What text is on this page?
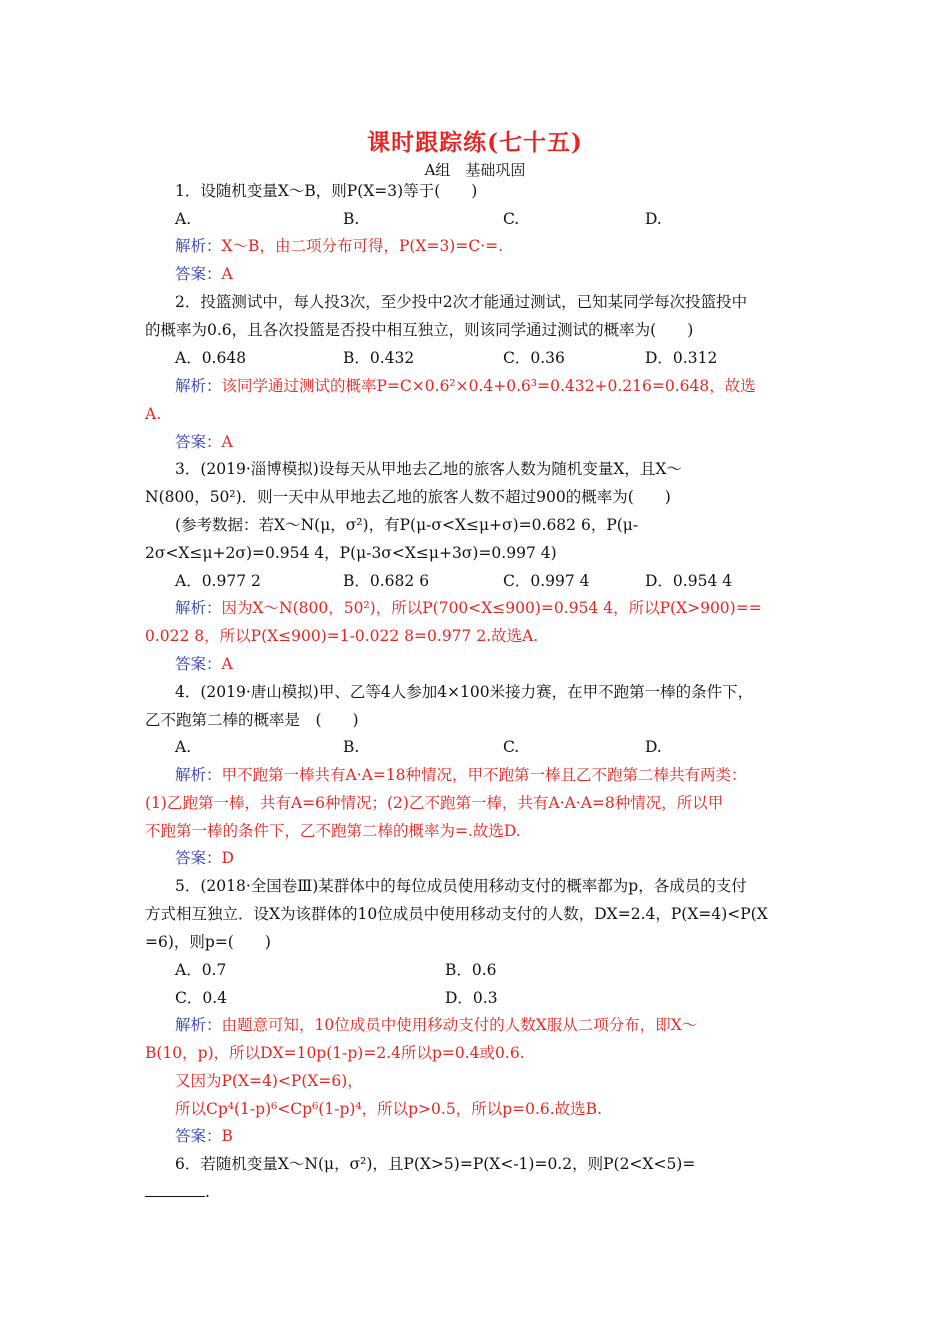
课时跟踪练(七十五)
A组　基础巩固
1．设随机变量X～B，则P(X=3)等于(　　)
A.	B.	C.	D.
解析：X～B，由二项分布可得，P(X=3)=C·=.
答案：A
2．投篮测试中，每人投3次，至少投中2次才能通过测试，已知某同学每次投篮投中
的概率为0.6，且各次投篮是否投中相互独立，则该同学通过测试的概率为(　　)
A．0.648	B．0.432	C．0.36	D．0.312
解析：该同学通过测试的概率P=C×0.6²×0.4+0.6³=0.432+0.216=0.648，故选
A.
答案：A
3．(2019·淄博模拟)设每天从甲地去乙地的旅客人数为随机变量X，且X～
N(800，50²)．则一天中从甲地去乙地的旅客人数不超过900的概率为(　　)
(参考数据：若X～N(μ，σ²)，有P(μ-σ<X≤μ+σ)=0.682 6，P(μ-
2σ<X≤μ+2σ)=0.954 4，P(μ-3σ<X≤μ+3σ)=0.997 4)
A．0.977 2	B．0.682 6	C．0.997 4	D．0.954 4
解析：因为X～N(800，50²)，所以P(700<X≤900)=0.954 4，所以P(X>900)==
0.022 8，所以P(X≤900)=1-0.022 8=0.977 2.故选A.
答案：A
4．(2019·唐山模拟)甲、乙等4人参加4×100米接力赛，在甲不跑第一棒的条件下，
乙不跑第二棒的概率是　(　　)
A.	B.	C.	D.
解析：甲不跑第一棒共有A·A=18种情况，甲不跑第一棒且乙不跑第二棒共有两类：
(1)乙跑第一棒，共有A=6种情况；(2)乙不跑第一棒，共有A·A·A=8种情况，所以甲
不跑第一棒的条件下，乙不跑第二棒的概率为=.故选D.
答案：D
5．(2018·全国卷Ⅲ)某群体中的每位成员使用移动支付的概率都为p，各成员的支付
方式相互独立．设X为该群体的10位成员中使用移动支付的人数，DX=2.4，P(X=4)<P(X
=6)，则p=(　　)
A．0.7	B．0.6
C．0.4	D．0.3
解析：由题意可知，10位成员中使用移动支付的人数X服从二项分布，即X～
B(10，p)，所以DX=10p(1-p)=2.4所以p=0.4或0.6.
又因为P(X=4)<P(X=6)，
所以Cp⁴(1-p)⁶<Cp⁶(1-p)⁴，所以p>0.5，所以p=0.6.故选B.
答案：B
6．若随机变量X～N(μ，σ²)，且P(X>5)=P(X<-1)=0.2，则P(2<X<5)=
.
